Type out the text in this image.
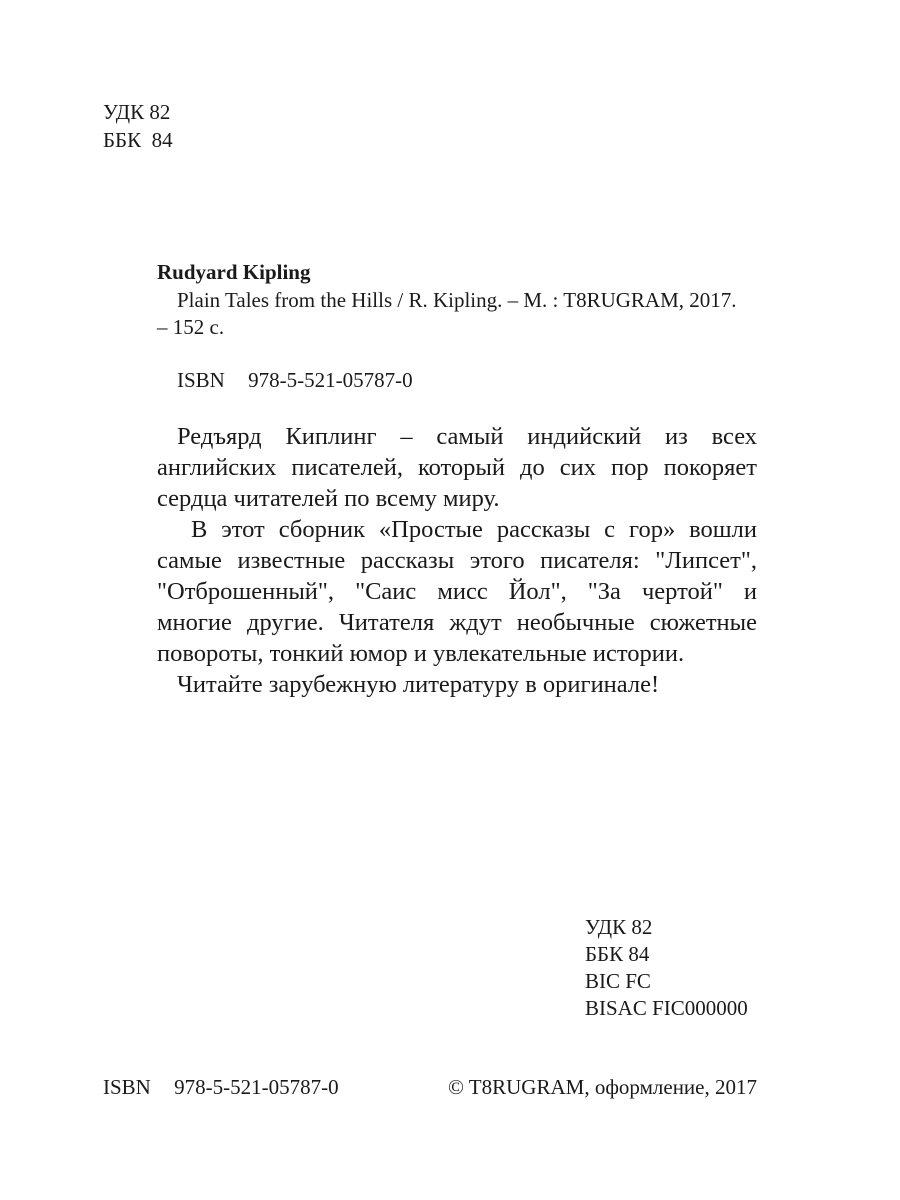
УДК 82
ББК  84
Rudyard Kipling
Plain Tales from the Hills / R. Kipling. – M. : T8RUGRAM, 2017.
– 152 с.
ISBN 978-5-521-05787-0
Редъярд Киплинг – самый индийский из всех
английских писателей, который до сих пор покоряет
сердца читателей по всему миру.
В этот сборник «Простые рассказы с гор» вошли
самые известные рассказы этого писателя: "Липсет",
"Отброшенный", "Саис мисс Йол", "За чертой" и
многие другие. Читателя ждут необычные сюжетные
повороты, тонкий юмор и увлекательные истории.
Читайте зарубежную литературу в оригинале!
УДК 82
ББК 84
BIC FC
BISAC FIC000000
ISBN 978-5-521-05787-0	© T8RUGRAM, оформление, 2017
